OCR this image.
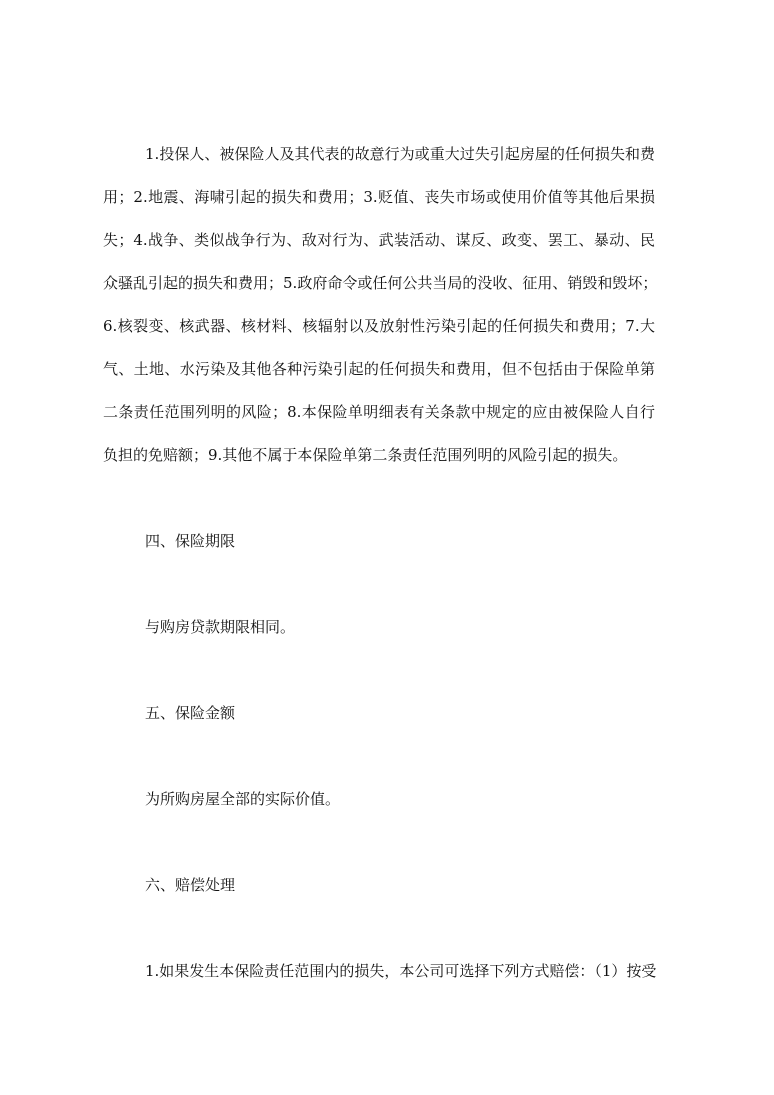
1.投保人、被保险人及其代表的故意行为或重大过失引起房屋的任何损失和费
用；2.地震、海啸引起的损失和费用；3.贬值、丧失市场或使用价值等其他后果损
失；4.战争、类似战争行为、敌对行为、武装活动、谋反、政变、罢工、暴动、民
众骚乱引起的损失和费用；5.政府命令或任何公共当局的没收、征用、销毁和毁坏；
6.核裂变、核武器、核材料、核辐射以及放射性污染引起的任何损失和费用；7.大
气、土地、水污染及其他各种污染引起的任何损失和费用，但不包括由于保险单第
二条责任范围列明的风险；8.本保险单明细表有关条款中规定的应由被保险人自行
负担的免赔额；9.其他不属于本保险单第二条责任范围列明的风险引起的损失。
四、保险期限
与购房贷款期限相同。
五、保险金额
为所购房屋全部的实际价值。
六、赔偿处理
1.如果发生本保险责任范围内的损失，本公司可选择下列方式赔偿：（1）按受
